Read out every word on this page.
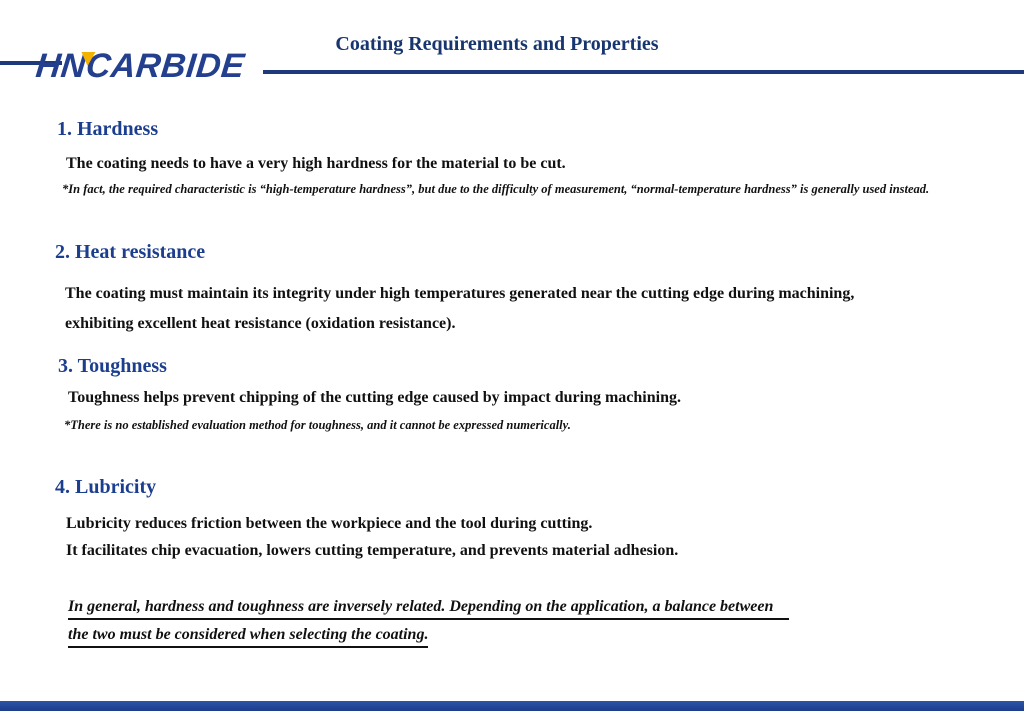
HNCARBIDE
Coating Requirements and Properties
1. Hardness

The coating needs to have a very high hardness for the material to be cut.

*In fact, the required characteristic is “high-temperature hardness”, but due to the difficulty of measurement, “normal-temperature hardness” is generally used instead.

2. Heat resistance

The coating must maintain its integrity under high temperatures generated near the cutting edge during machining,
exhibiting excellent heat resistance (oxidation resistance).

3. Toughness

Toughness helps prevent chipping of the cutting edge caused by impact during machining.

*There is no established evaluation method for toughness, and it cannot be expressed numerically.

4. Lubricity

Lubricity reduces friction between the workpiece and the tool during cutting.
It facilitates chip evacuation, lowers cutting temperature, and prevents material adhesion.

In general, hardness and toughness are inversely related. Depending on the application, a balance between
the two must be considered when selecting the coating.
